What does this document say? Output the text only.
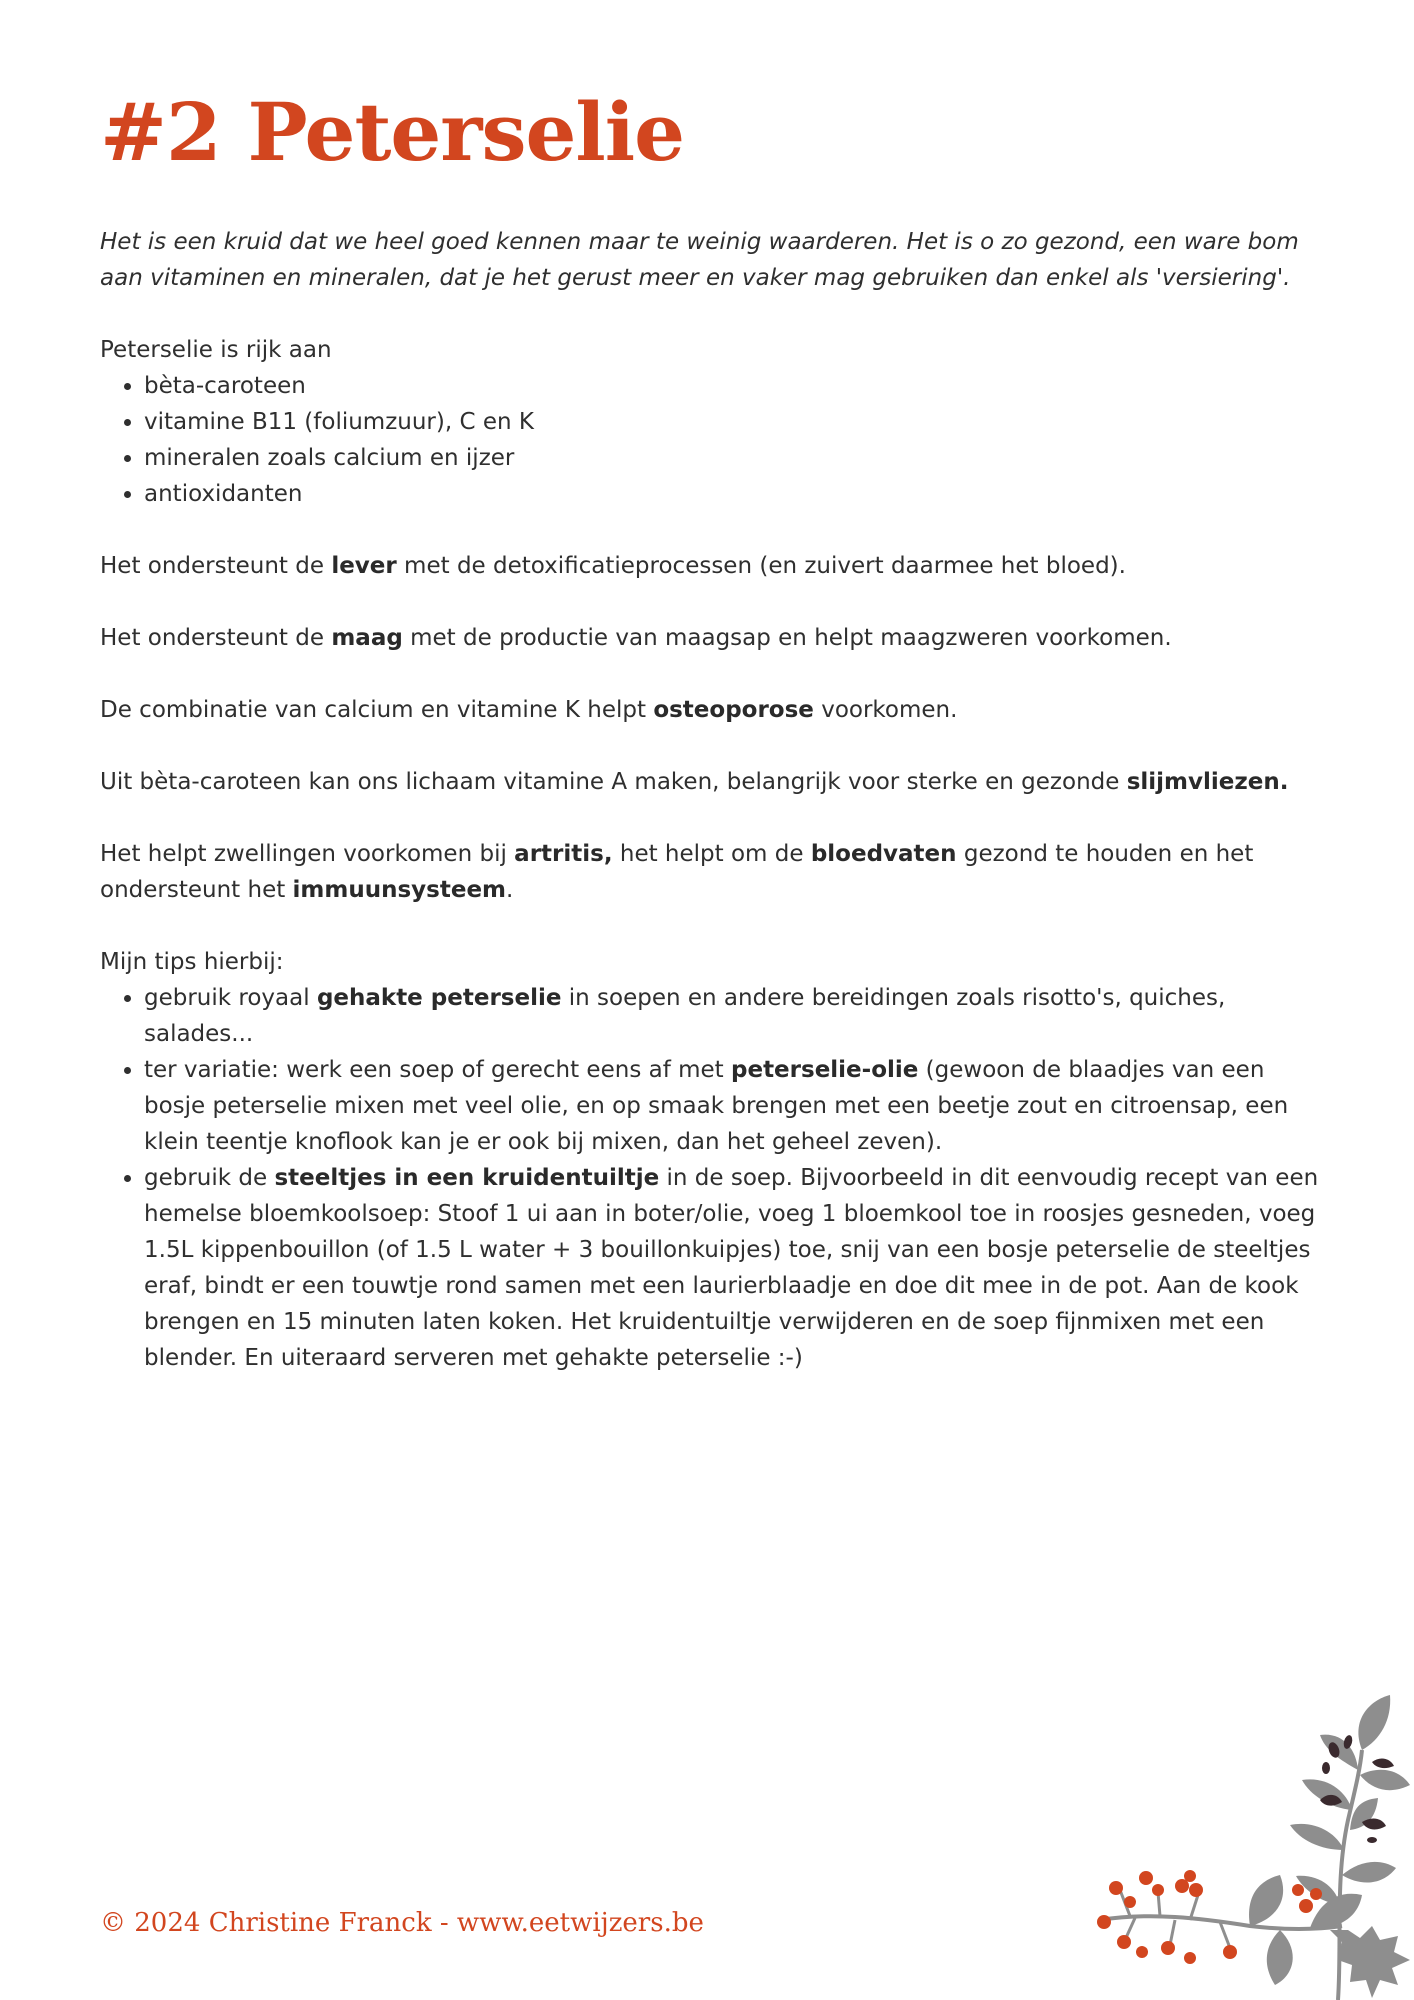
#2 Peterselie

Het is een kruid dat we heel goed kennen maar te weinig waarderen. Het is o zo gezond, een ware bom aan vitaminen en mineralen, dat je het gerust meer en vaker mag gebruiken dan enkel als 'versiering'.

Peterselie is rijk aan

• bèta-caroteen
• vitamine B11 (foliumzuur), C en K
• mineralen zoals calcium en ijzer
• antioxidanten

Het ondersteunt de lever met de detoxificatieprocessen (en zuivert daarmee het bloed).

Het ondersteunt de maag met de productie van maagsap en helpt maagzweren voorkomen.

De combinatie van calcium en vitamine K helpt osteoporose voorkomen.

Uit bèta-caroteen kan ons lichaam vitamine A maken, belangrijk voor sterke en gezonde slijmvliezen.

Het helpt zwellingen voorkomen bij artritis, het helpt om de bloedvaten gezond te houden en het ondersteunt het immuunsysteem.

Mijn tips hierbij:

• gebruik royaal gehakte peterselie in soepen en andere bereidingen zoals risotto's, quiches, salades...
• ter variatie: werk een soep of gerecht eens af met peterselie-olie (gewoon de blaadjes van een bosje peterselie mixen met veel olie, en op smaak brengen met een beetje zout en citroensap, een klein teentje knoflook kan je er ook bij mixen, dan het geheel zeven).
• gebruik de steeltjes in een kruidentuiltje in de soep. Bijvoorbeeld in dit eenvoudig recept van een hemelse bloemkoolsoep: Stoof 1 ui aan in boter/olie, voeg 1 bloemkool toe in roosjes gesneden, voeg 1.5L kippenbouillon (of 1.5 L water + 3 bouillonkuipjes) toe, snij van een bosje peterselie de steeltjes eraf, bindt er een touwtje rond samen met een laurierblaadje en doe dit mee in de pot. Aan de kook brengen en 15 minuten laten koken. Het kruidentuiltje verwijderen en de soep fijnmixen met een blender. En uiteraard serveren met gehakte peterselie :-)
© 2024 Christine Franck - www.eetwijzers.be
